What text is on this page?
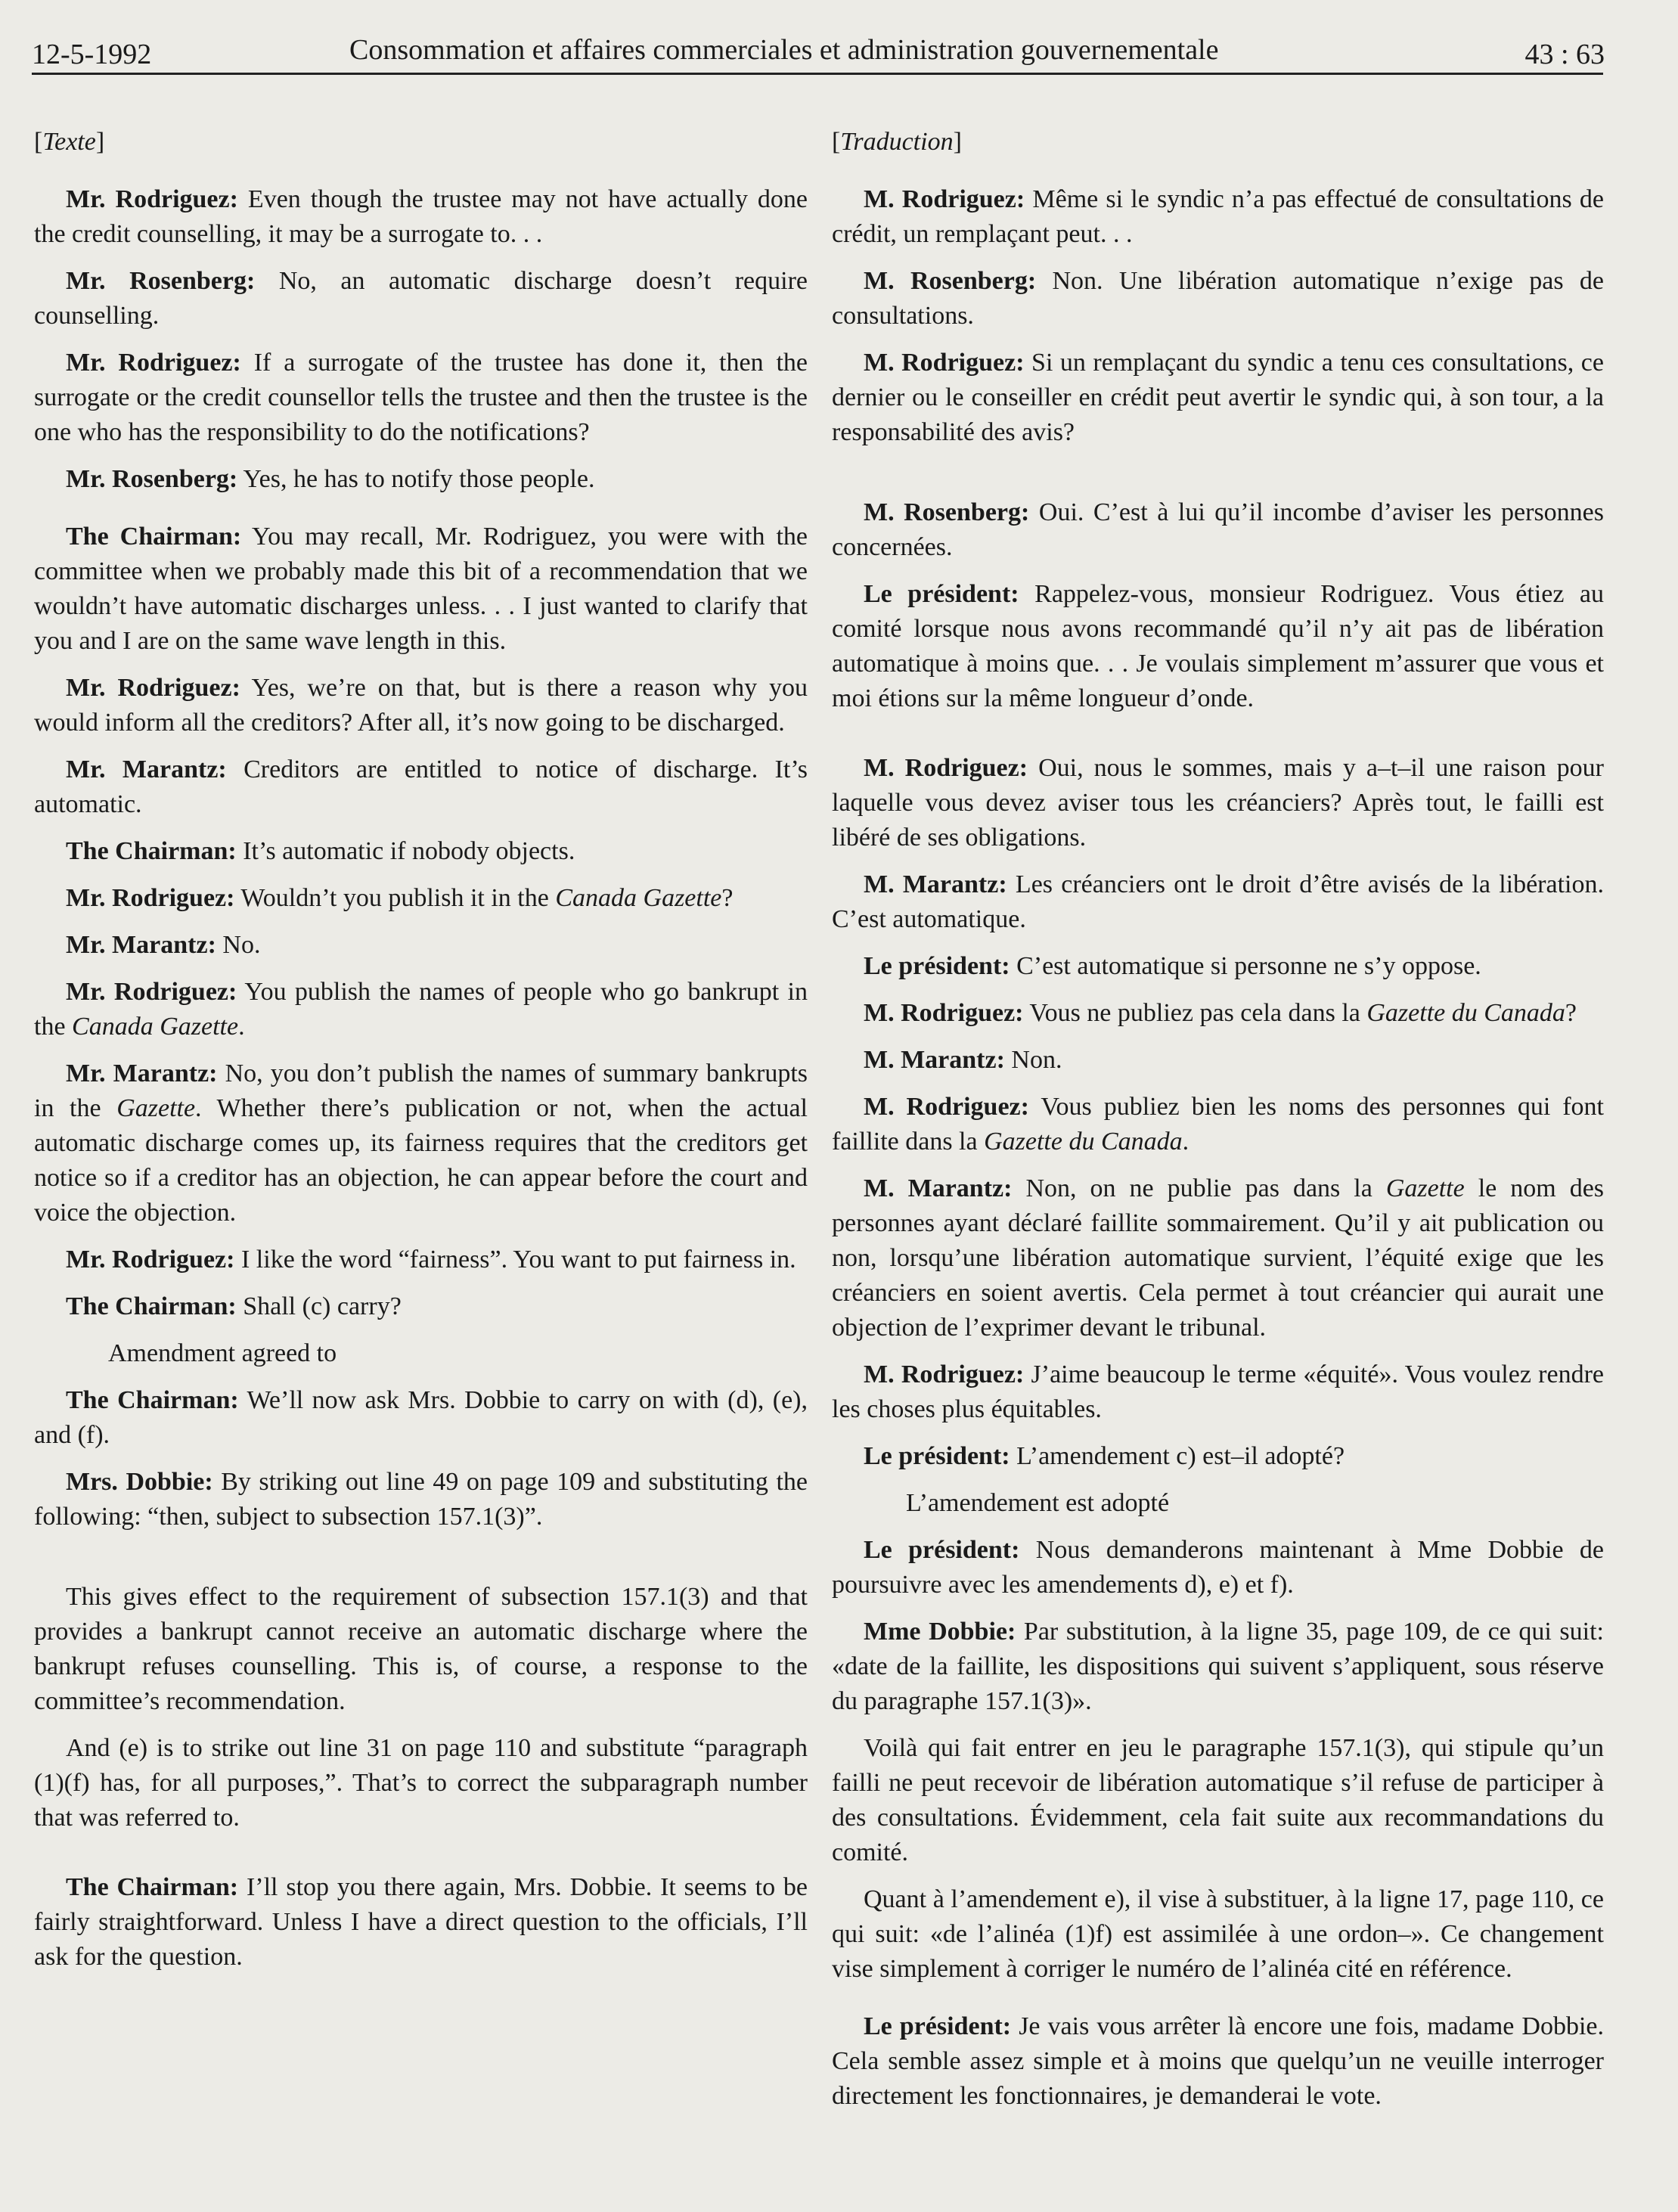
12-5-1992	Consommation et affaires commerciales et administration gouvernementale	43 : 63
[Texte]

Mr. Rodriguez: Even though the trustee may not have actually done the credit counselling, it may be a surrogate to. . .

Mr. Rosenberg: No, an automatic discharge doesn’t require counselling.

Mr. Rodriguez: If a surrogate of the trustee has done it, then the surrogate or the credit counsellor tells the trustee and then the trustee is the one who has the responsibility to do the notifications?

Mr. Rosenberg: Yes, he has to notify those people.

The Chairman: You may recall, Mr. Rodriguez, you were with the committee when we probably made this bit of a recommendation that we wouldn’t have automatic discharges unless. . . I just wanted to clarify that you and I are on the same wave length in this.

Mr. Rodriguez: Yes, we’re on that, but is there a reason why you would inform all the creditors? After all, it’s now going to be discharged.

Mr. Marantz: Creditors are entitled to notice of discharge. It’s automatic.

The Chairman: It’s automatic if nobody objects.

Mr. Rodriguez: Wouldn’t you publish it in the Canada Gazette?

Mr. Marantz: No.

Mr. Rodriguez: You publish the names of people who go bankrupt in the Canada Gazette.

Mr. Marantz: No, you don’t publish the names of summary bankrupts in the Gazette. Whether there’s publication or not, when the actual automatic discharge comes up, its fairness requires that the creditors get notice so if a creditor has an objection, he can appear before the court and voice the objection.

Mr. Rodriguez: I like the word “fairness”. You want to put fairness in.

The Chairman: Shall (c) carry?

Amendment agreed to

The Chairman: We’ll now ask Mrs. Dobbie to carry on with (d), (e), and (f).

Mrs. Dobbie: By striking out line 49 on page 109 and substituting the following: “then, subject to subsection 157.1(3)”.

This gives effect to the requirement of subsection 157.1(3) and that provides a bankrupt cannot receive an automatic discharge where the bankrupt refuses counselling. This is, of course, a response to the committee’s recommendation.

And (e) is to strike out line 31 on page 110 and substitute “paragraph (1)(f) has, for all purposes,”. That’s to correct the subparagraph number that was referred to.

The Chairman: I’ll stop you there again, Mrs. Dobbie. It seems to be fairly straightforward. Unless I have a direct question to the officials, I’ll ask for the question.

[Traduction]

M. Rodriguez: Même si le syndic n’a pas effectué de consultations de crédit, un remplaçant peut. . .

M. Rosenberg: Non. Une libération automatique n’exige pas de consultations.

M. Rodriguez: Si un remplaçant du syndic a tenu ces consultations, ce dernier ou le conseiller en crédit peut avertir le syndic qui, à son tour, a la responsabilité des avis?

M. Rosenberg: Oui. C’est à lui qu’il incombe d’aviser les personnes concernées.

Le président: Rappelez-vous, monsieur Rodriguez. Vous étiez au comité lorsque nous avons recommandé qu’il n’y ait pas de libération automatique à moins que. . . Je voulais simplement m’assurer que vous et moi étions sur la même longueur d’onde.

M. Rodriguez: Oui, nous le sommes, mais y a–t–il une raison pour laquelle vous devez aviser tous les créanciers? Après tout, le failli est libéré de ses obligations.

M. Marantz: Les créanciers ont le droit d’être avisés de la libération. C’est automatique.

Le président: C’est automatique si personne ne s’y oppose.

M. Rodriguez: Vous ne publiez pas cela dans la Gazette du Canada?

M. Marantz: Non.

M. Rodriguez: Vous publiez bien les noms des personnes qui font faillite dans la Gazette du Canada.

M. Marantz: Non, on ne publie pas dans la Gazette le nom des personnes ayant déclaré faillite sommairement. Qu’il y ait publication ou non, lorsqu’une libération automatique survient, l’équité exige que les créanciers en soient avertis. Cela permet à tout créancier qui aurait une objection de l’exprimer devant le tribunal.

M. Rodriguez: J’aime beaucoup le terme «équité». Vous voulez rendre les choses plus équitables.

Le président: L’amendement c) est–il adopté?

L’amendement est adopté

Le président: Nous demanderons maintenant à Mme Dobbie de poursuivre avec les amendements d), e) et f).

Mme Dobbie: Par substitution, à la ligne 35, page 109, de ce qui suit: «date de la faillite, les dispositions qui suivent s’appliquent, sous réserve du paragraphe 157.1(3)».

Voilà qui fait entrer en jeu le paragraphe 157.1(3), qui stipule qu’un failli ne peut recevoir de libération automatique s’il refuse de participer à des consultations. Évidemment, cela fait suite aux recommandations du comité.

Quant à l’amendement e), il vise à substituer, à la ligne 17, page 110, ce qui suit: «de l’alinéa (1)f) est assimilée à une ordon–». Ce changement vise simplement à corriger le numéro de l’alinéa cité en référence.

Le président: Je vais vous arrêter là encore une fois, madame Dobbie. Cela semble assez simple et à moins que quelqu’un ne veuille interroger directement les fonctionnaires, je demanderai le vote.
